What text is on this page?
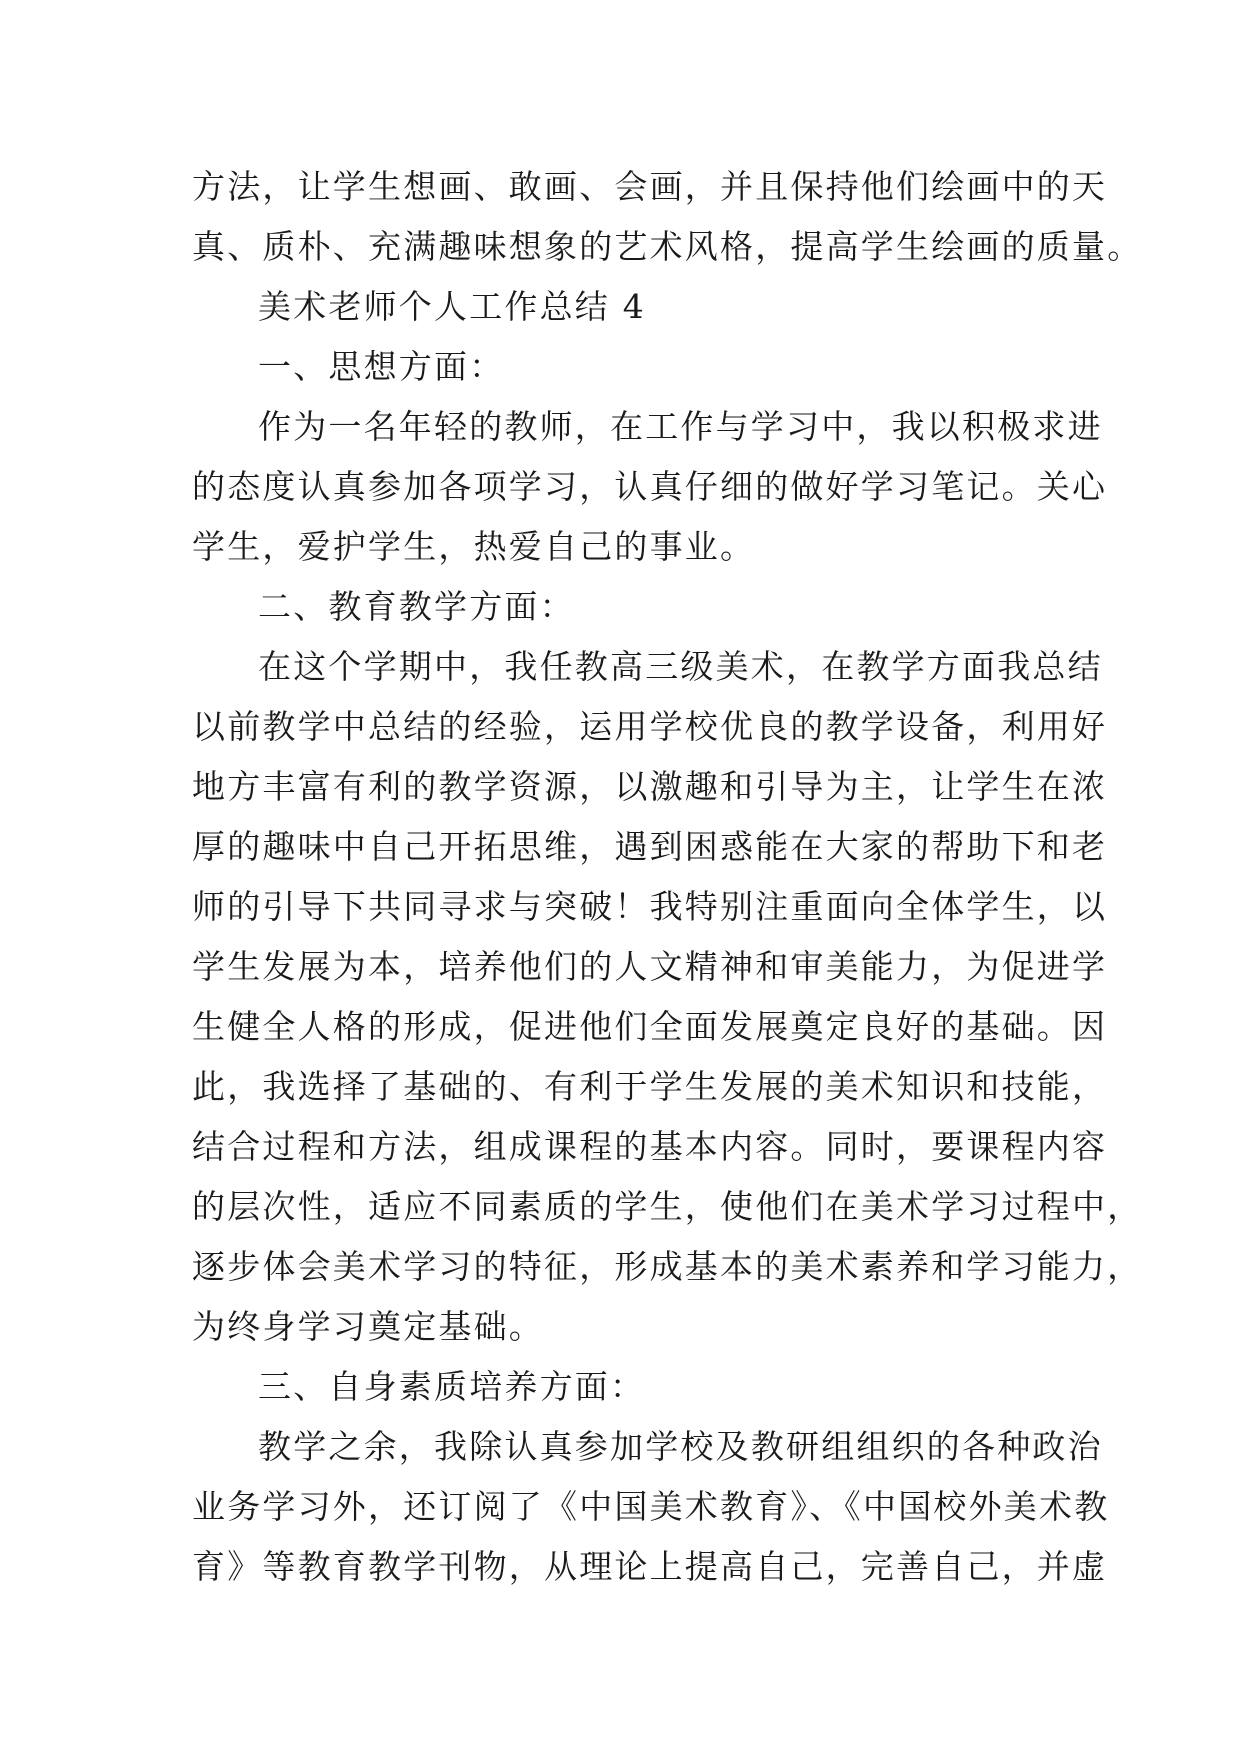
方法，让学生想画、敢画、会画，并且保持他们绘画中的天
真、质朴、充满趣味想象的艺术风格，提高学生绘画的质量。
美术老师个人工作总结 4
一、思想方面：
作为一名年轻的教师，在工作与学习中，我以积极求进
的态度认真参加各项学习，认真仔细的做好学习笔记。关心
学生，爱护学生，热爱自己的事业。
二、教育教学方面：
在这个学期中，我任教高三级美术，在教学方面我总结
以前教学中总结的经验，运用学校优良的教学设备，利用好
地方丰富有利的教学资源，以激趣和引导为主，让学生在浓
厚的趣味中自己开拓思维，遇到困惑能在大家的帮助下和老
师的引导下共同寻求与突破！我特别注重面向全体学生，以
学生发展为本，培养他们的人文精神和审美能力，为促进学
生健全人格的形成，促进他们全面发展奠定良好的基础。因
此，我选择了基础的、有利于学生发展的美术知识和技能，
结合过程和方法，组成课程的基本内容。同时，要课程内容
的层次性，适应不同素质的学生，使他们在美术学习过程中，
逐步体会美术学习的特征，形成基本的美术素养和学习能力，
为终身学习奠定基础。
三、自身素质培养方面：
教学之余，我除认真参加学校及教研组组织的各种政治
业务学习外，还订阅了《中国美术教育》、《中国校外美术教
育》等教育教学刊物，从理论上提高自己，完善自己，并虚
